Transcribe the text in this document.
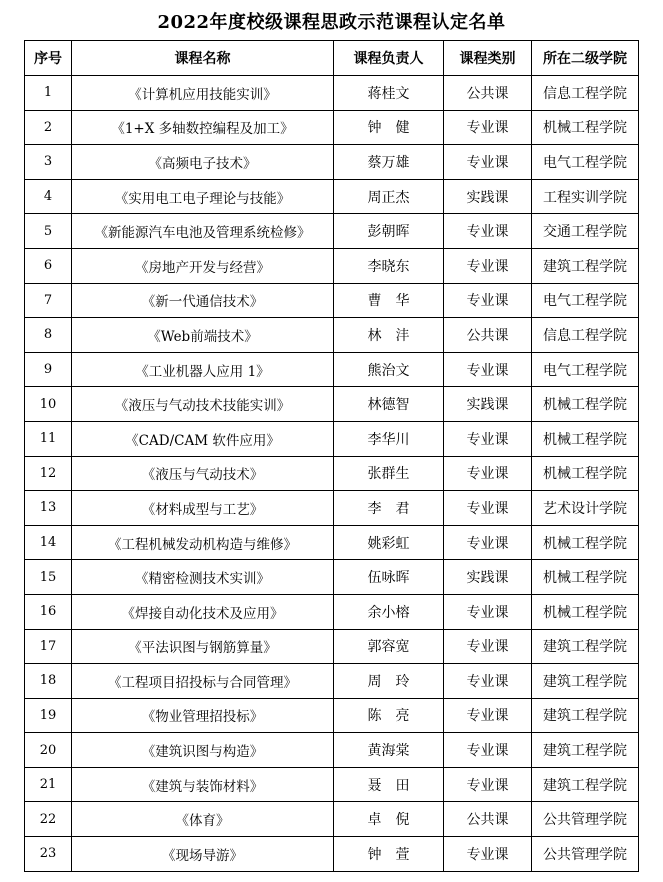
2022年度校级课程思政示范课程认定名单
序号	课程名称	课程负责人	课程类别	所在二级学院
1	《计算机应用技能实训》	蒋桂文	公共课	信息工程学院
2	《1+X 多轴数控编程及加工》	钟　健	专业课	机械工程学院
3	《高频电子技术》	蔡万雄	专业课	电气工程学院
4	《实用电工电子理论与技能》	周正杰	实践课	工程实训学院
5	《新能源汽车电池及管理系统检修》	彭朝晖	专业课	交通工程学院
6	《房地产开发与经营》	李晓东	专业课	建筑工程学院
7	《新一代通信技术》	曹　华	专业课	电气工程学院
8	《Web前端技术》	林　沣	公共课	信息工程学院
9	《工业机器人应用 1》	熊治文	专业课	电气工程学院
10	《液压与气动技术技能实训》	林德智	实践课	机械工程学院
11	《CAD/CAM 软件应用》	李华川	专业课	机械工程学院
12	《液压与气动技术》	张群生	专业课	机械工程学院
13	《材料成型与工艺》	李　君	专业课	艺术设计学院
14	《工程机械发动机构造与维修》	姚彩虹	专业课	机械工程学院
15	《精密检测技术实训》	伍咏晖	实践课	机械工程学院
16	《焊接自动化技术及应用》	余小榕	专业课	机械工程学院
17	《平法识图与钢筋算量》	郭容宽	专业课	建筑工程学院
18	《工程项目招投标与合同管理》	周　玲	专业课	建筑工程学院
19	《物业管理招投标》	陈　亮	专业课	建筑工程学院
20	《建筑识图与构造》	黄海棠	专业课	建筑工程学院
21	《建筑与装饰材料》	聂　田	专业课	建筑工程学院
22	《体育》	卓　倪	公共课	公共管理学院
23	《现场导游》	钟　萱	专业课	公共管理学院
